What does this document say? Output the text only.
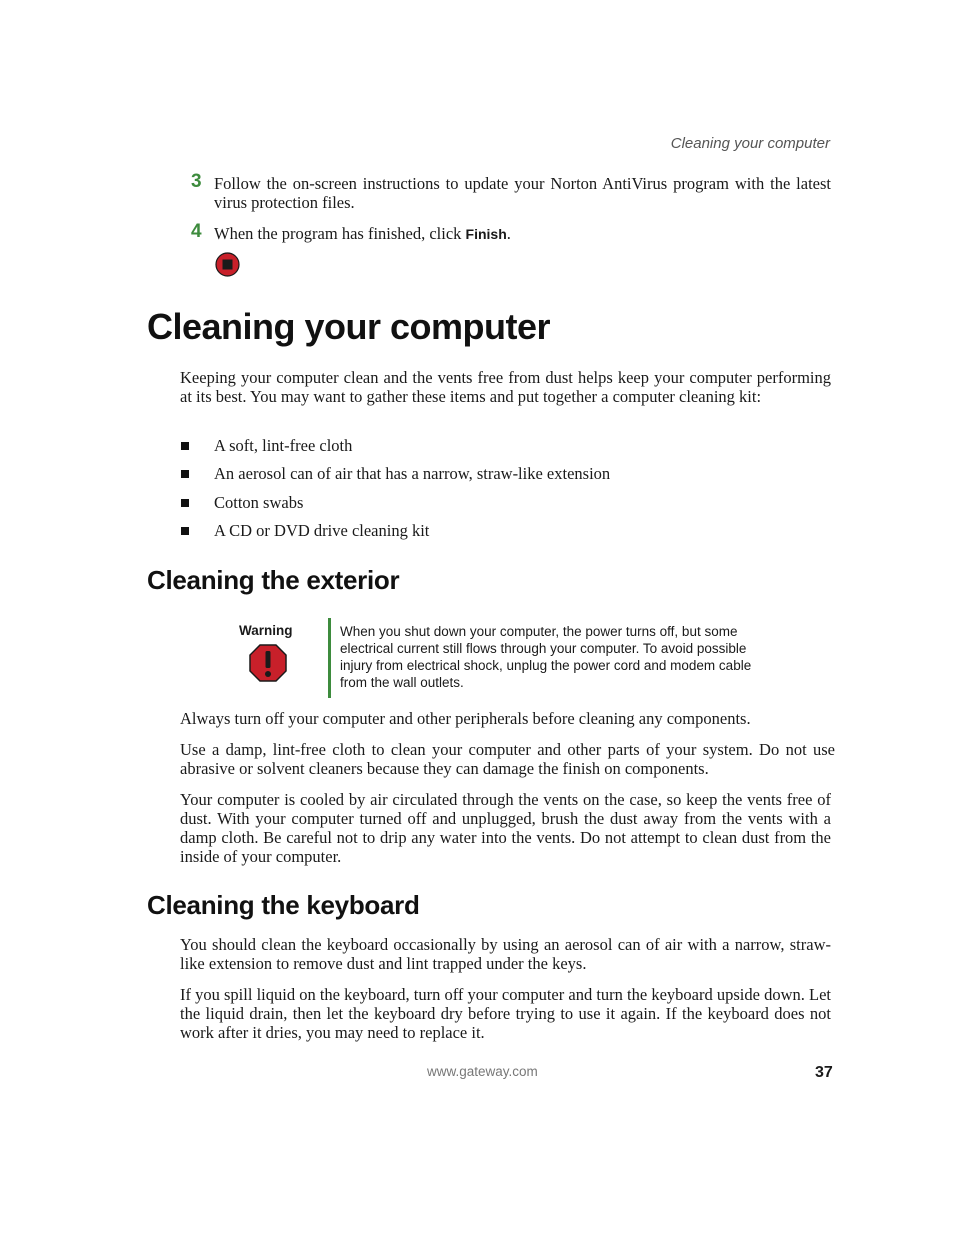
Cleaning your computer
3 Follow the on-screen instructions to update your Norton AntiVirus program with the latest virus protection files.
4 When the program has finished, click Finish.
Cleaning your computer
Keeping your computer clean and the vents free from dust helps keep your computer performing at its best. You may want to gather these items and put together a computer cleaning kit:
A soft, lint-free cloth
An aerosol can of air that has a narrow, straw-like extension
Cotton swabs
A CD or DVD drive cleaning kit
Cleaning the exterior
Warning	When you shut down your computer, the power turns off, but some electrical current still flows through your computer. To avoid possible injury from electrical shock, unplug the power cord and modem cable from the wall outlets.
Always turn off your computer and other peripherals before cleaning any components.
Use a damp, lint-free cloth to clean your computer and other parts of your system. Do not use abrasive or solvent cleaners because they can damage the finish on components.
Your computer is cooled by air circulated through the vents on the case, so keep the vents free of dust. With your computer turned off and unplugged, brush the dust away from the vents with a damp cloth. Be careful not to drip any water into the vents. Do not attempt to clean dust from the inside of your computer.
Cleaning the keyboard
You should clean the keyboard occasionally by using an aerosol can of air with a narrow, straw-like extension to remove dust and lint trapped under the keys.
If you spill liquid on the keyboard, turn off your computer and turn the keyboard upside down. Let the liquid drain, then let the keyboard dry before trying to use it again. If the keyboard does not work after it dries, you may need to replace it.
www.gateway.com	37
